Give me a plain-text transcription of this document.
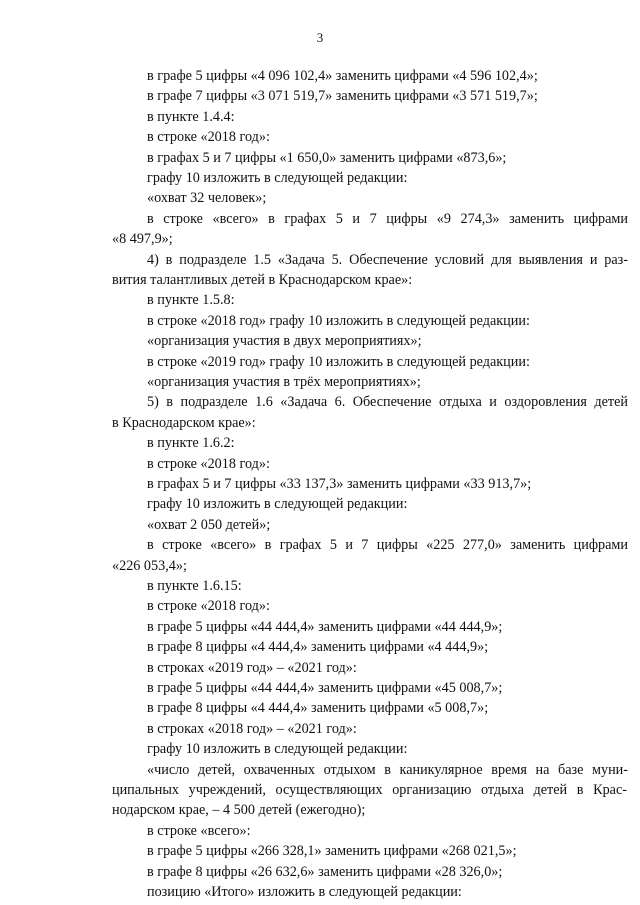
3
в графе 5 цифры «4 096 102,4» заменить цифрами «4 596 102,4»;
в графе 7 цифры «3 071 519,7» заменить цифрами «3 571 519,7»;
в пункте 1.4.4:
в строке «2018 год»:
в графах 5 и 7 цифры «1 650,0» заменить цифрами «873,6»;
графу 10 изложить в следующей редакции:
«охват 32 человек»;
в строке «всего» в графах 5 и 7 цифры «9 274,3» заменить цифрами
«8 497,9»;
4) в подразделе 1.5 «Задача 5. Обеспечение условий для выявления и раз-
вития талантливых детей в Краснодарском крае»:
в пункте 1.5.8:
в строке «2018 год» графу 10 изложить в следующей редакции:
«организация участия в двух мероприятиях»;
в строке «2019 год» графу 10 изложить в следующей редакции:
«организация участия в трёх мероприятиях»;
5) в подразделе 1.6 «Задача 6. Обеспечение отдыха и оздоровления детей
в Краснодарском крае»:
в пункте 1.6.2:
в строке «2018 год»:
в графах 5 и 7 цифры «33 137,3» заменить цифрами «33 913,7»;
графу 10 изложить в следующей редакции:
«охват 2 050 детей»;
в строке «всего» в графах 5 и 7 цифры «225 277,0» заменить цифрами
«226 053,4»;
в пункте 1.6.15:
в строке «2018 год»:
в графе 5 цифры «44 444,4» заменить цифрами «44 444,9»;
в графе 8 цифры «4 444,4» заменить цифрами «4 444,9»;
в строках «2019 год» – «2021 год»:
в графе 5 цифры «44 444,4» заменить цифрами «45 008,7»;
в графе 8 цифры «4 444,4» заменить цифрами «5 008,7»;
в строках «2018 год» – «2021 год»:
графу 10 изложить в следующей редакции:
«число детей, охваченных отдыхом в каникулярное время на базе муни-
ципальных учреждений, осуществляющих организацию отдыха детей в Крас-
нодарском крае, – 4 500 детей (ежегодно);
в строке «всего»:
в графе 5 цифры «266 328,1» заменить цифрами «268 021,5»;
в графе 8 цифры «26 632,6» заменить цифрами «28 326,0»;
позицию «Итого» изложить в следующей редакции:
